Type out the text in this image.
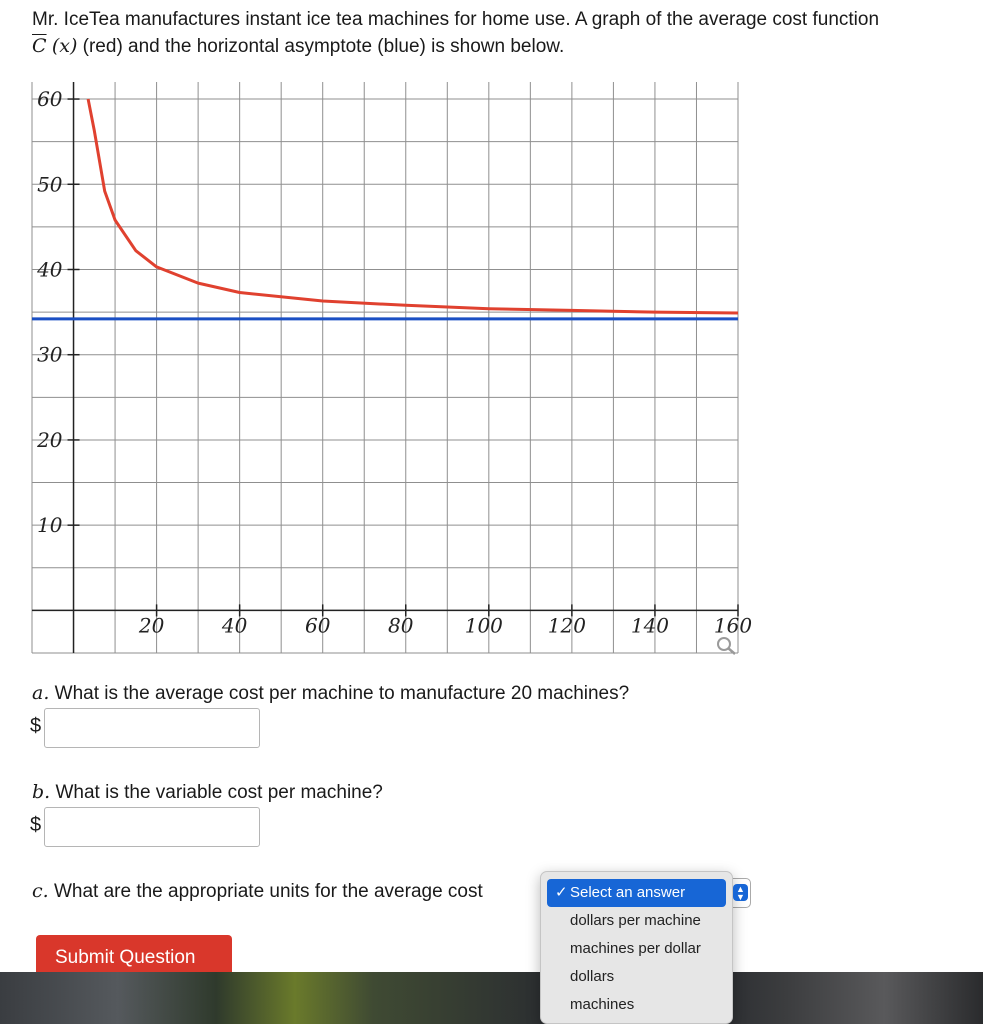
Mr. IceTea manufactures instant ice tea machines for home use. A graph of the average cost function
$\overline{C}$ (x) (red) and the horizontal asymptote (blue) is shown below.
20	40	60	80	100 120 140 160
10
20
30
40
50
60
a. What is the average cost per machine to manufacture 20 machines?
$
b. What is the variable cost per machine?
$
c. What are the appropriate units for the average cost
Submit Question
✓ Select an answer
dollars per machine
machines per dollar
dollars
machines
▲
▼
